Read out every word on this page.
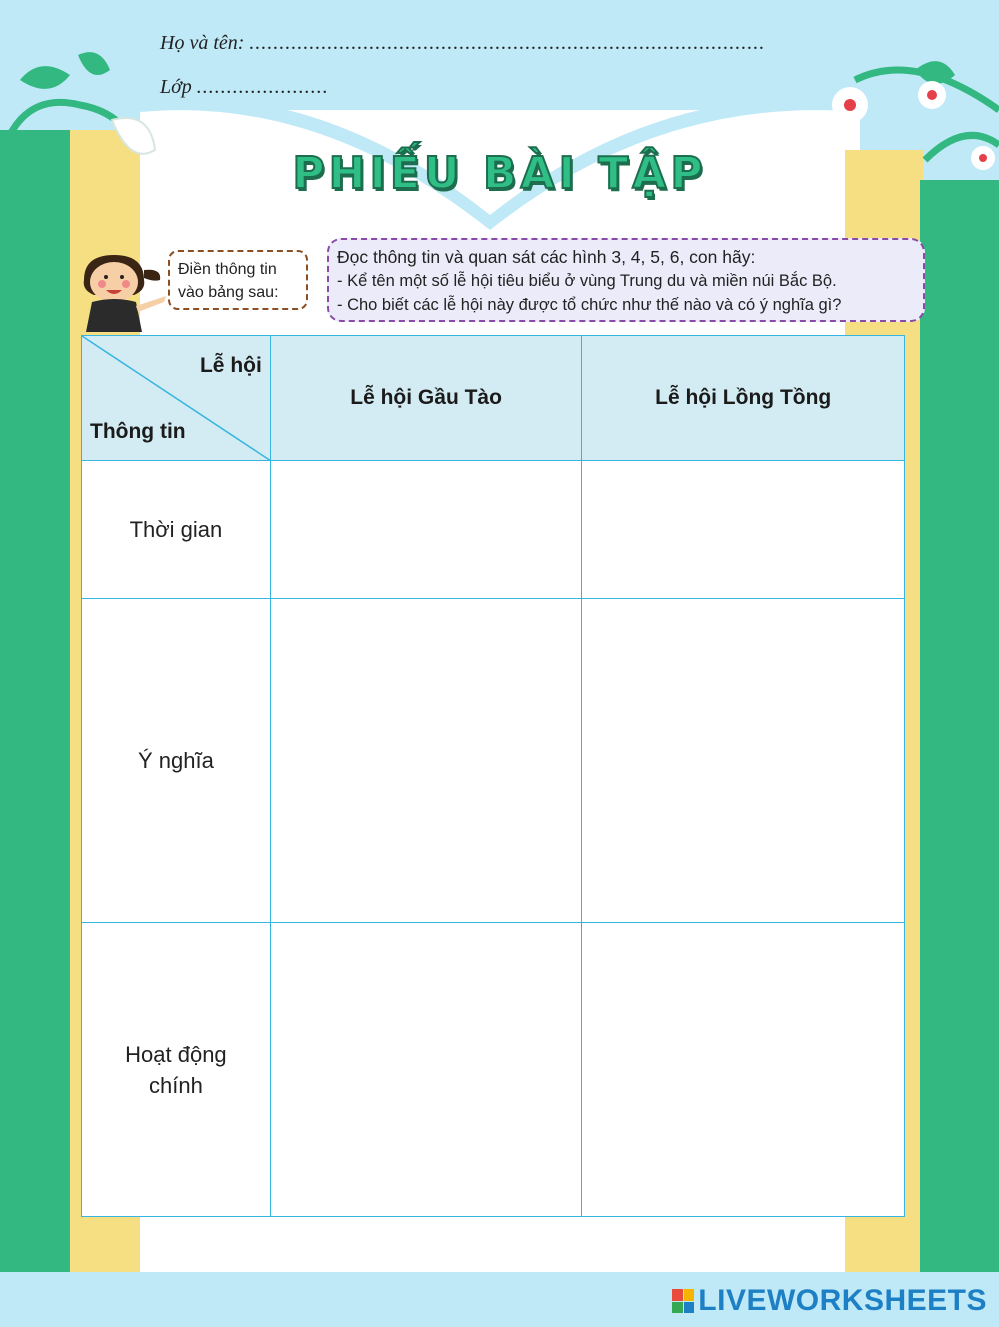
Họ và tên: ......................................................................................
Lớp ......................
PHIẾU BÀI TẬP
Điền thông tin vào bảng sau:
Đọc thông tin và quan sát các hình 3, 4, 5, 6, con hãy:
- Kể tên một số lễ hội tiêu biểu ở vùng Trung du và miền núi Bắc Bộ.
- Cho biết các lễ hội này được tổ chức như thế nào và có ý nghĩa gì?
Lễ hội
Thông tin	Lễ hội Gầu Tào	Lễ hội Lồng Tồng
Thời gian		
Ý nghĩa		
Hoạt động chính		
LIVEWORKSHEETS
